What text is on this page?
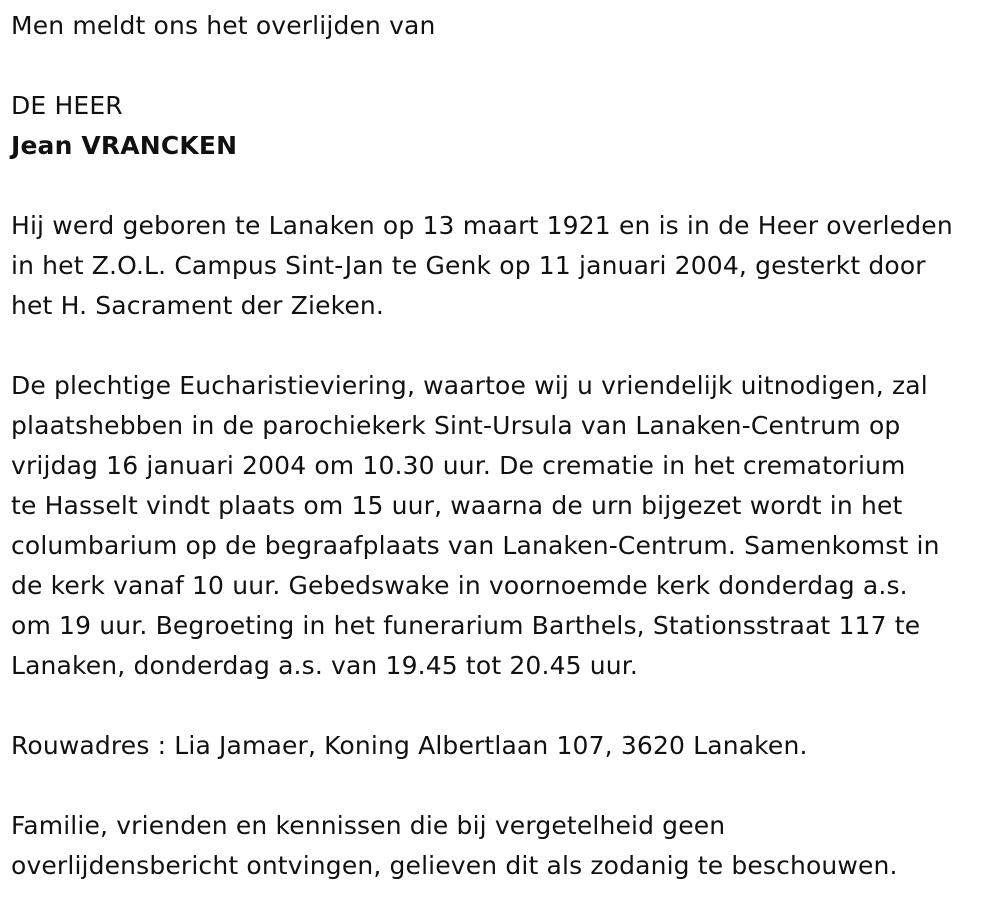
Men meldt ons het overlijden van

DE HEER

Jean VRANCKEN

Hij werd geboren te Lanaken op 13 maart 1921 en is in de Heer overleden
in het Z.O.L. Campus Sint-Jan te Genk op 11 januari 2004, gesterkt door
het H. Sacrament der Zieken.

De plechtige Eucharistieviering, waartoe wij u vriendelijk uitnodigen, zal
plaatshebben in de parochiekerk Sint-Ursula van Lanaken-Centrum op
vrijdag 16 januari 2004 om 10.30 uur. De crematie in het crematorium
te Hasselt vindt plaats om 15 uur, waarna de urn bijgezet wordt in het
columbarium op de begraafplaats van Lanaken-Centrum. Samenkomst in
de kerk vanaf 10 uur. Gebedswake in voornoemde kerk donderdag a.s.
om 19 uur. Begroeting in het funerarium Barthels, Stationsstraat 117 te
Lanaken, donderdag a.s. van 19.45 tot 20.45 uur.

Rouwadres : Lia Jamaer, Koning Albertlaan 107, 3620 Lanaken.

Familie, vrienden en kennissen die bij vergetelheid geen
overlijdensbericht ontvingen, gelieven dit als zodanig te beschouwen.
